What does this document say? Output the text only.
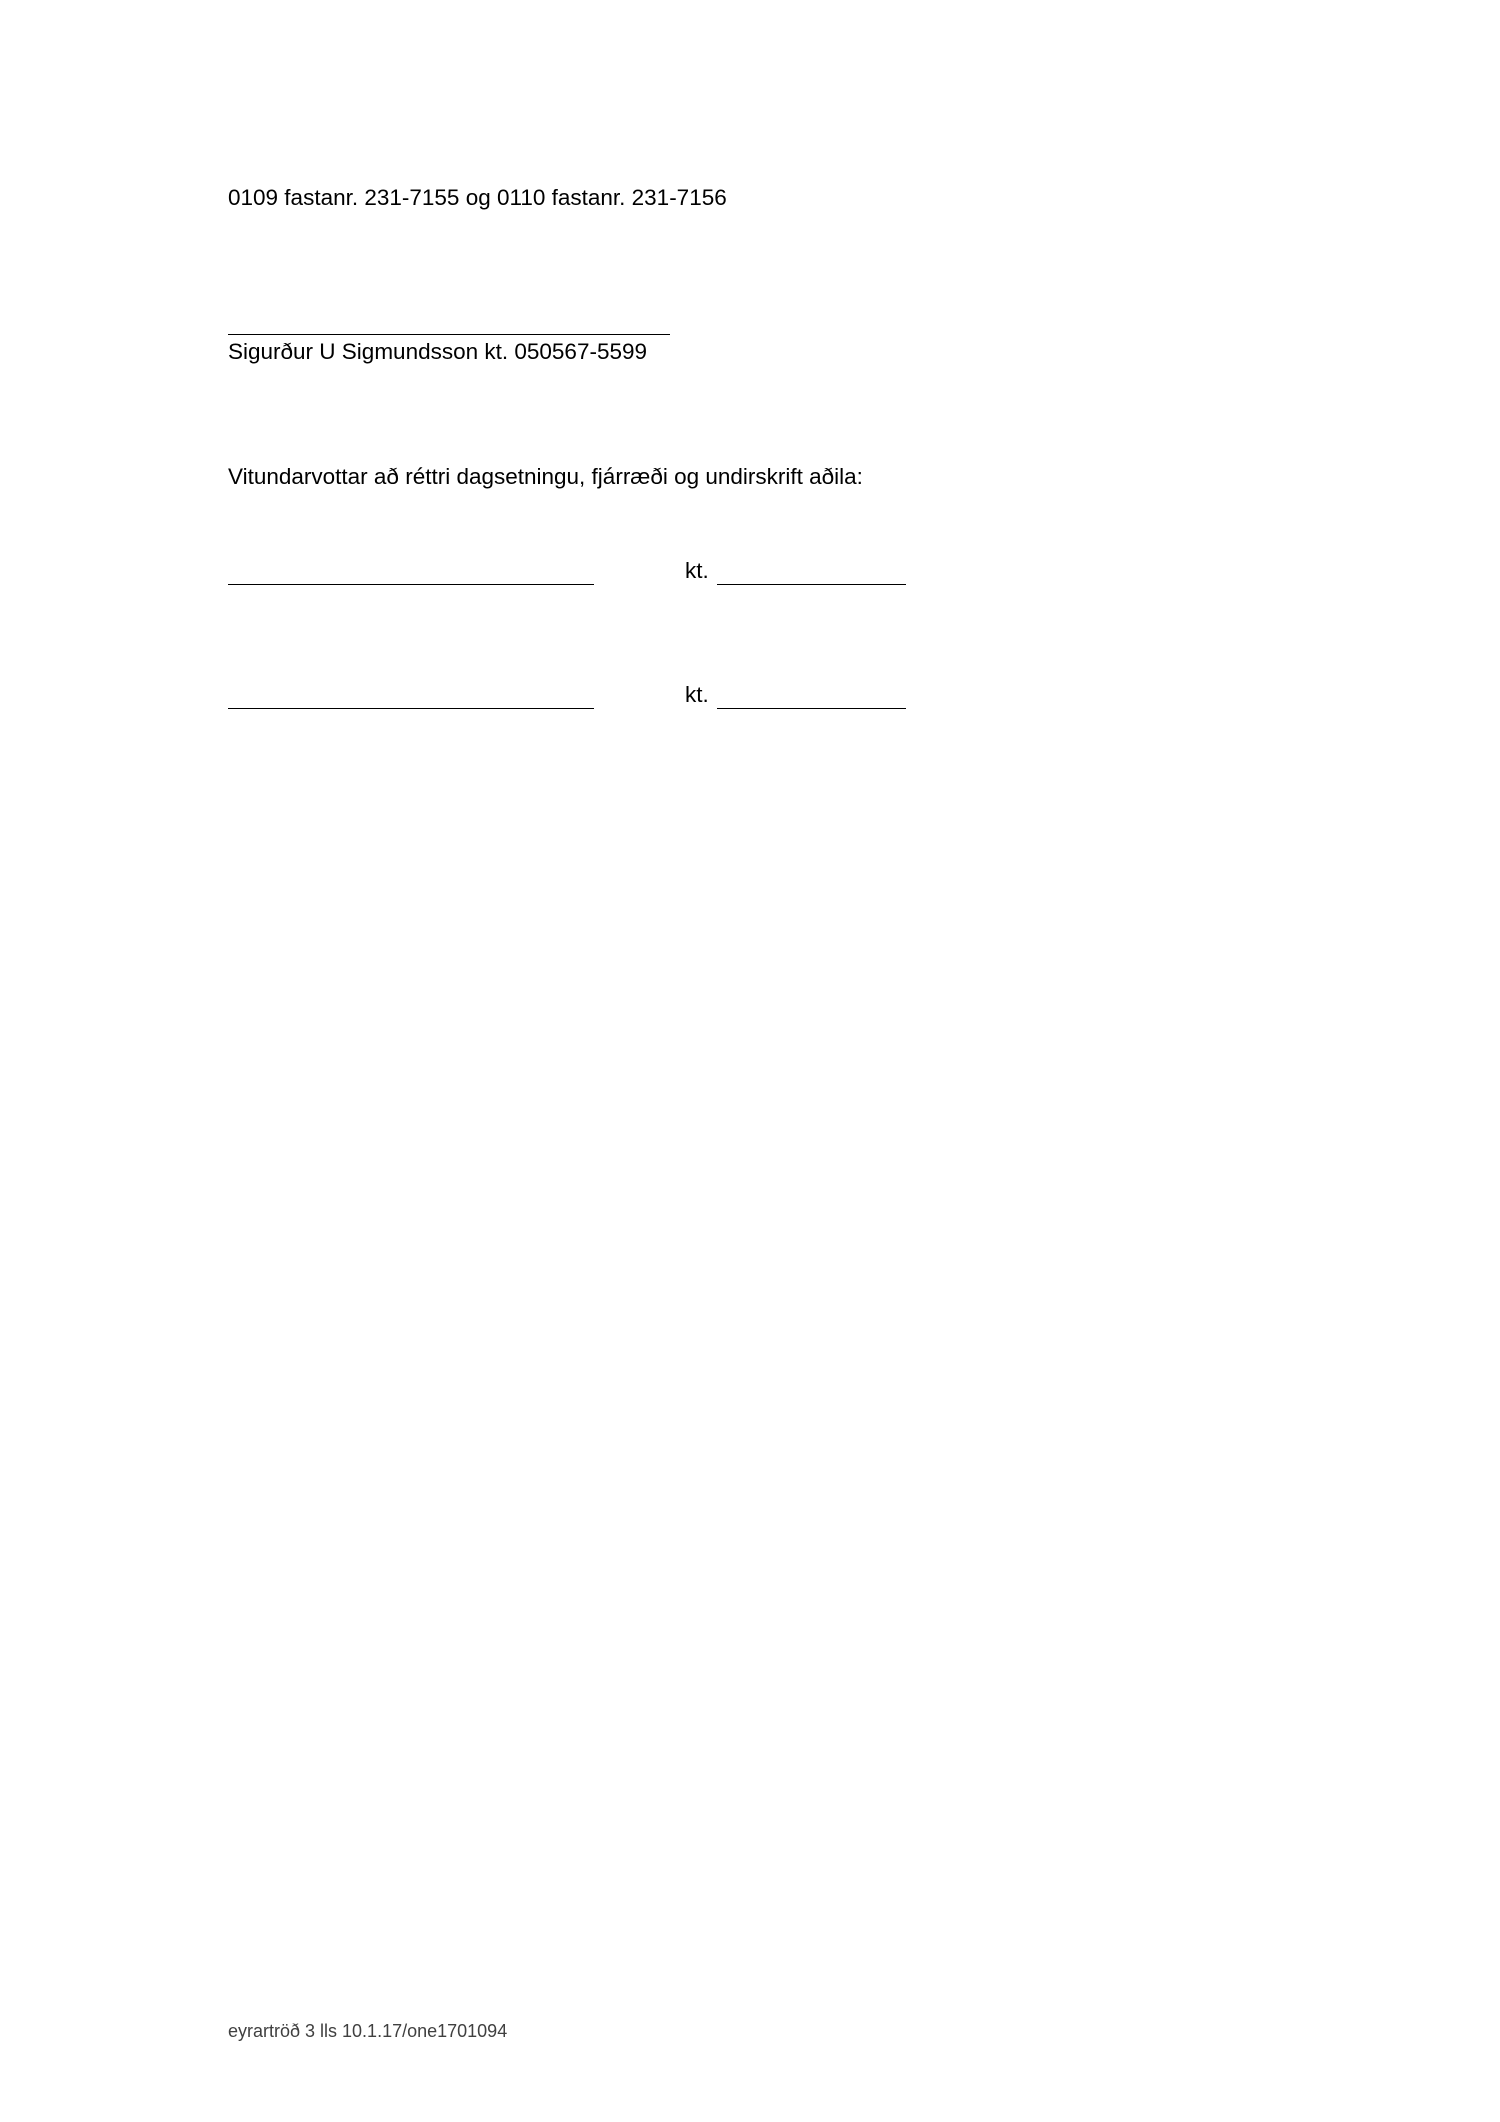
0109 fastanr. 231-7155 og 0110 fastanr. 231-7156
Sigurður U Sigmundsson kt. 050567-5599
Vitundarvottar að réttri dagsetningu, fjárræði og undirskrift aðila:
kt.
kt.
eyrartröð 3 lls 10.1.17/one1701094
